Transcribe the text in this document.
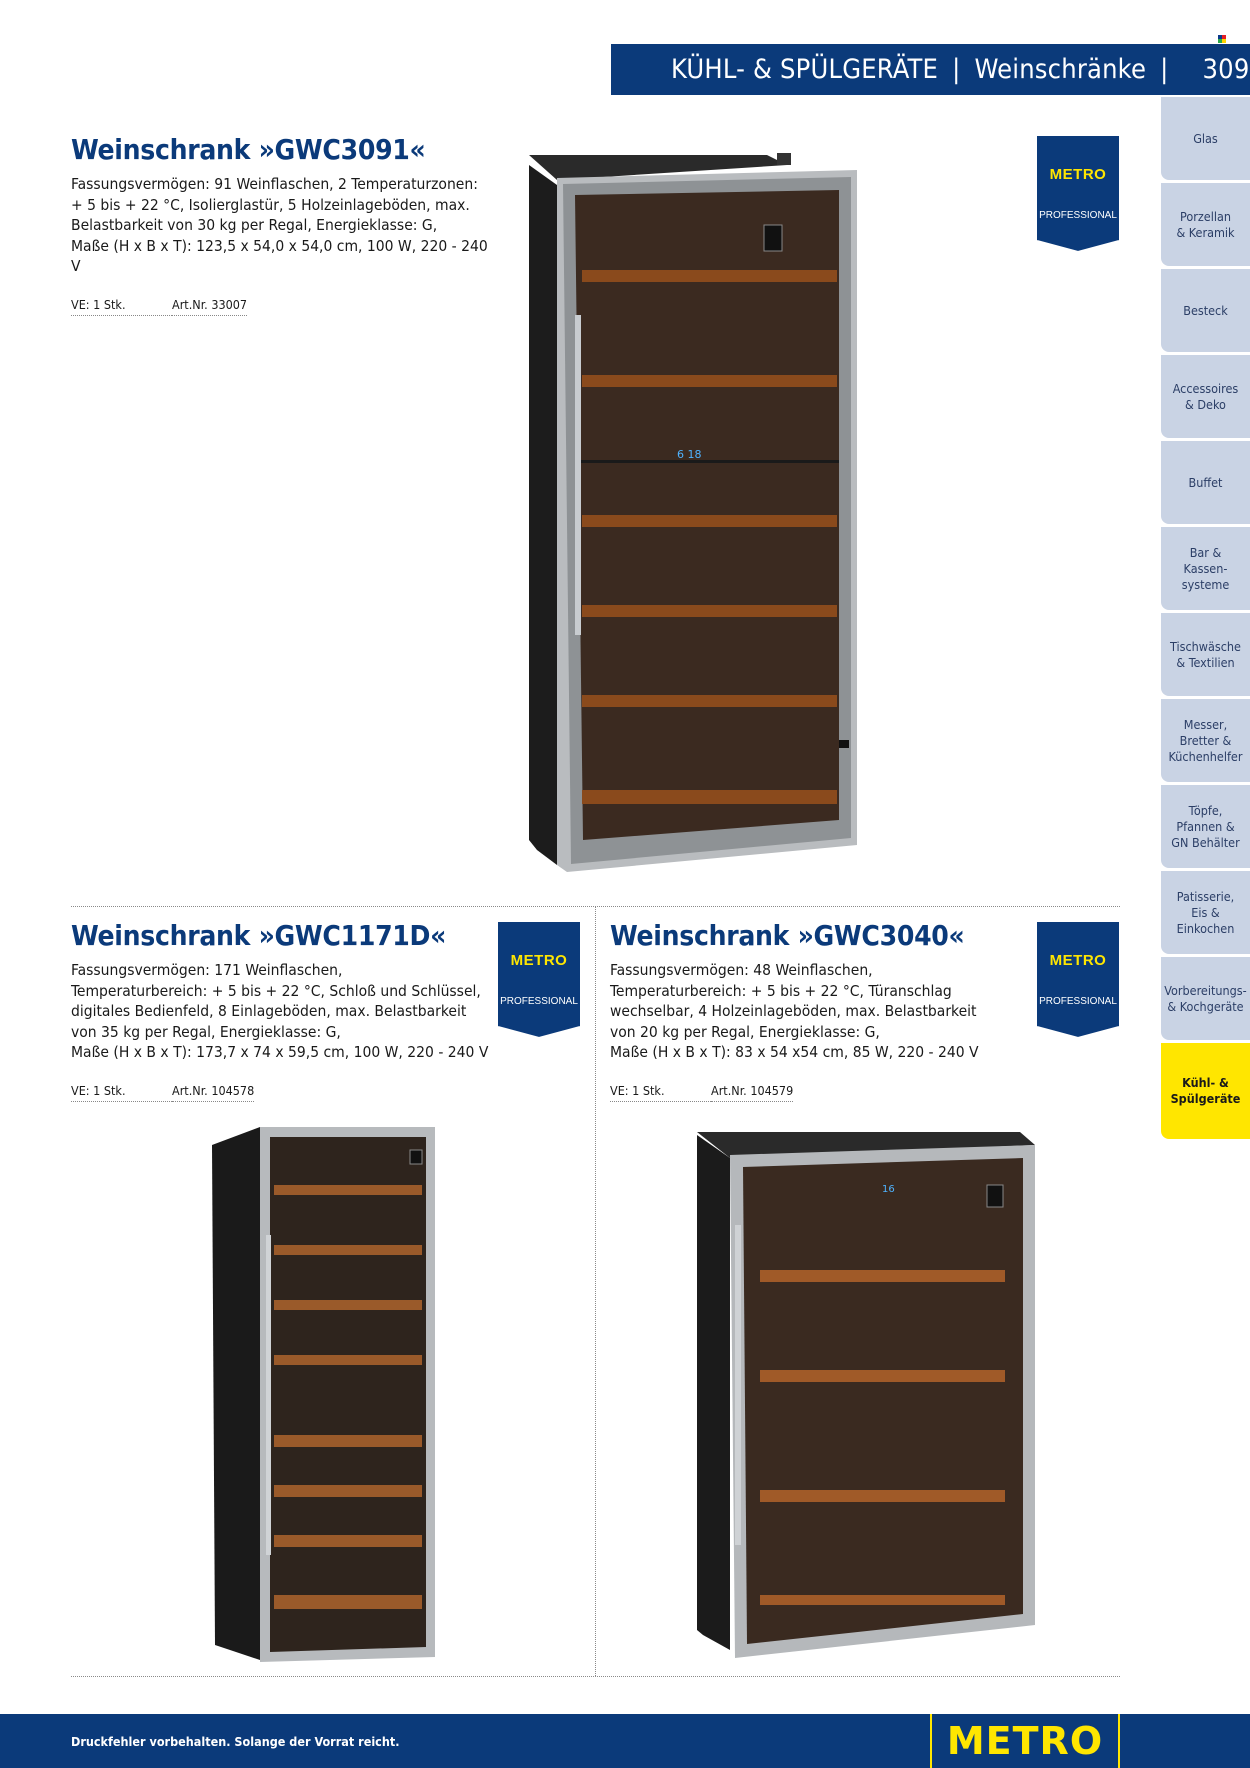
KÜHL- & SPÜLGERÄTE | Weinschränke | 309
Glas
Porzellan
& Keramik
Besteck
Accessoires
& Deko
Buffet
Bar &
Kassen-
systeme
Tischwäsche
& Textilien
Messer,
Bretter &
Küchenhelfer
Töpfe,
Pfannen &
GN Behälter
Patisserie,
Eis &
Einkochen
Vorbereitungs-
& Kochgeräte
Kühl- &
Spülgeräte
Weinschrank »GWC3091«
Fassungsvermögen: 91 Weinflaschen, 2 Temperaturzonen:
+ 5 bis + 22 °C, Isolierglastür, 5 Holzeinlageböden, max.
Belastbarkeit von 30 kg per Regal, Energieklasse: G,
Maße (H x B x T): 123,5 x 54,0 x 54,0 cm, 100 W, 220 - 240 V
VE: 1 Stk.	Art.Nr. 33007
METRO
PROFESSIONAL
6 18
Weinschrank »GWC1171D«
Fassungsvermögen: 171 Weinflaschen,
Temperaturbereich: + 5 bis + 22 °C, Schloß und Schlüssel,
digitales Bedienfeld, 8 Einlageböden, max. Belastbarkeit
von 35 kg per Regal, Energieklasse: G,
Maße (H x B x T): 173,7 x 74 x 59,5 cm, 100 W, 220 - 240 V
VE: 1 Stk.	Art.Nr. 104578
METRO
PROFESSIONAL
Weinschrank »GWC3040«
Fassungsvermögen: 48 Weinflaschen,
Temperaturbereich: + 5 bis + 22 °C, Türanschlag
wechselbar, 4 Holzeinlageböden, max. Belastbarkeit
von 20 kg per Regal, Energieklasse: G,
Maße (H x B x T): 83 x 54 x54 cm, 85 W, 220 - 240 V
VE: 1 Stk.	Art.Nr. 104579
METRO
PROFESSIONAL
16
Druckfehler vorbehalten. Solange der Vorrat reicht.	METRO
